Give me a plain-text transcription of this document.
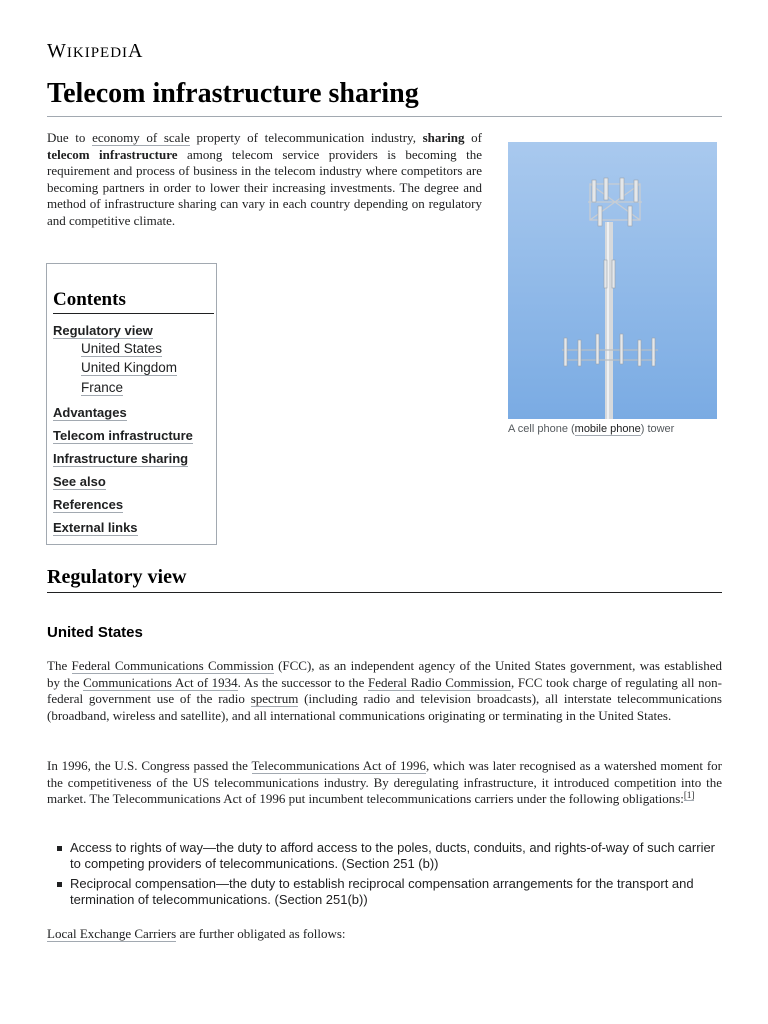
WIKIPEDIA
Telecom infrastructure sharing

Due to economy of scale property of telecommunication industry, sharing of telecom infrastructure among telecom service providers is becoming the requirement and process of business in the telecom industry where competitors are becoming partners in order to lower their increasing investments. The degree and method of infrastructure sharing can vary in each country depending on regulatory and competitive climate.

A cell phone (mobile phone) tower
Contents
Regulatory view
United States
United Kingdom
France
Advantages
Telecom infrastructure
Infrastructure sharing
See also
References
External links
Regulatory view
United States

The Federal Communications Commission (FCC), as an independent agency of the United States government, was established by the Communications Act of 1934. As the successor to the Federal Radio Commission, FCC took charge of regulating all non-federal government use of the radio spectrum (including radio and television broadcasts), all interstate telecommunications (broadband, wireless and satellite), and all international communications originating or terminating in the United States.

In 1996, the U.S. Congress passed the Telecommunications Act of 1996, which was later recognised as a watershed moment for the competitiveness of the US telecommunications industry. By deregulating infrastructure, it introduced competition into the market. The Telecommunications Act of 1996 put incumbent telecommunications carriers under the following obligations:[1]

Access to rights of way—the duty to afford access to the poles, ducts, conduits, and rights-of-way of such carrier to competing providers of telecommunications. (Section 251 (b))
Reciprocal compensation—the duty to establish reciprocal compensation arrangements for the transport and termination of telecommunications. (Section 251(b))

Local Exchange Carriers are further obligated as follows:
